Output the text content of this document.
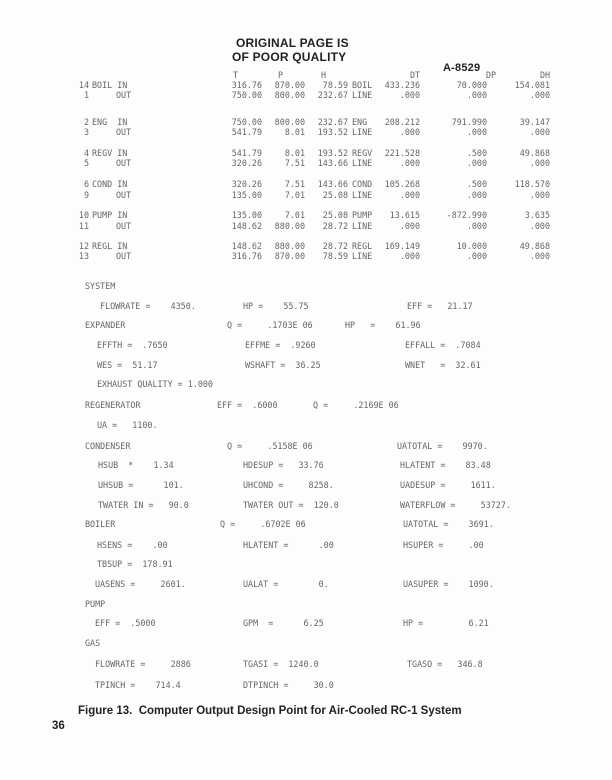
ORIGINAL PAGE IS
OF POOR QUALITY
A-8529
T	P	H	DT	DP	DH
14 BOIL IN	316.76 870.00 78.59 BOIL 433.236	70.000	154.081
1	OUT	750.00 800.00 232.67 LINE	.000	.000	.000
2 ENG  IN	750.00 800.00 232.67 ENG 208.212	791.990	39.147
3	OUT	541.79	8.01 193.52 LINE	.000	.000	.000
4 REGV IN	541.79	8.01 193.52 REGV 221.528	.500	49.868
5	OUT	320.26	7.51 143.66 LINE	.000	.000	.000
6 COND IN	320.26	7.51 143.66 COND 105.268	.500	118.570
9	OUT	135.00	7.01 25.08 LINE	.000	.000	.000
10 PUMP IN	135.00	7.01 25.08 PUMP 13.615	-872.990	3.635
11	OUT	148.62 880.00 28.72 LINE	.000	.000	.000
12 REGL IN	148.62 880.00 28.72 REGL 169.149	10.000	49.868
13	OUT	316.76 870.00 78.59 LINE	.000	.000	.000
SYSTEM
FLOWRATE =    4350.	HP =    55.75	EFF =   21.17
EXPANDER	Q =     .1703E 06	HP   =    61.96
EFFTH =  .7650	EFFME =  .9260	EFFALL =  .7084
WES =  51.17	WSHAFT =  36.25	WNET   =  32.61
EXHAUST QUALITY = 1.000
REGENERATOR	EFF =  .6000	Q =     .2169E 06
UA =   1100.
CONDENSER	Q =     .5158E 06	UATOTAL =    9970.
HSUB  *    1.34	HDESUP =   33.76	HLATENT =    83.48
UHSUB =      101.	UHCOND =     8258.	UADESUP =     1611.
TWATER IN =   90.0	TWATER OUT =  120.0	WATERFLOW =     53727.
BOILER	Q =     .6702E 06	UATOTAL =    3691.
HSENS =    .00	HLATENT =      .00	HSUPER =     .00
TBSUP =  178.91
UASENS =     2601.	UALAT =        0.	UASUPER =    1090.
PUMP
EFF =  .5000	GPM  =      6.25	HP =         6.21
GAS
FLOWRATE =     2886	TGASI =  1240.0	TGASO =   346.8
TPINCH =    714.4	DTPINCH =     30.0
Figure 13.  Computer Output Design Point for Air-Cooled RC-1 System
36
